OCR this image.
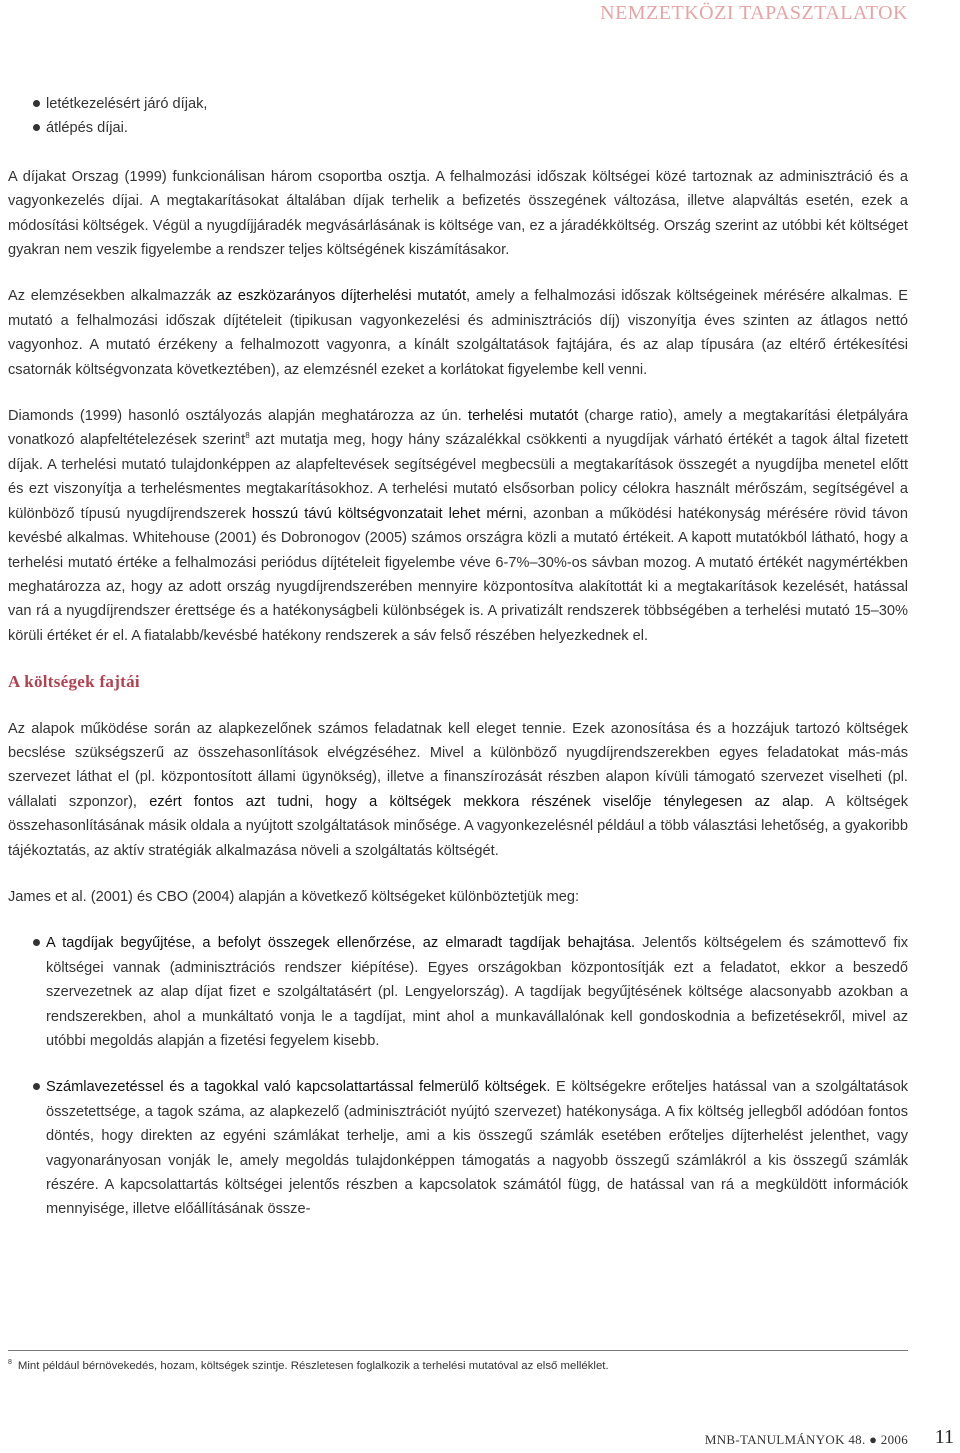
NEMZETKÖZI TAPASZTALATOK
letétkezelésért járó díjak,
átlépés díjai.

A díjakat Orszag (1999) funkcionálisan három csoportba osztja. A felhalmozási időszak költségei közé tartoznak az adminisztráció és a vagyonkezelés díjai. A megtakarításokat általában díjak terhelik a befizetés összegének változása, illetve alapváltás esetén, ezek a módosítási költségek. Végül a nyugdíjjáradék megvásárlásának is költsége van, ez a járadékköltség. Ország szerint az utóbbi két költséget gyakran nem veszik figyelembe a rendszer teljes költségének kiszámításakor.

Az elemzésekben alkalmazzák az eszközarányos díjterhelési mutatót, amely a felhalmozási időszak költségeinek mérésére alkalmas. E mutató a felhalmozási időszak díjtételeit (tipikusan vagyonkezelési és adminisztrációs díj) viszonyítja éves szinten az átlagos nettó vagyonhoz. A mutató érzékeny a felhalmozott vagyonra, a kínált szolgáltatások fajtájára, és az alap típusára (az eltérő értékesítési csatornák költségvonzata következtében), az elemzésnél ezeket a korlátokat figyelembe kell venni.

Diamonds (1999) hasonló osztályozás alapján meghatározza az ún. terhelési mutatót (charge ratio), amely a megtakarítási életpályára vonatkozó alapfeltételezések szerint$^8$ azt mutatja meg, hogy hány százalékkal csökkenti a nyugdíjak várható értékét a tagok által fizetett díjak. A terhelési mutató tulajdonképpen az alapfeltevések segítségével megbecsüli a megtakarítások összegét a nyugdíjba menetel előtt és ezt viszonyítja a terhelésmentes megtakarításokhoz. A terhelési mutató elsősorban policy célokra használt mérőszám, segítségével a különböző típusú nyugdíjrendszerek hosszú távú költségvonzatait lehet mérni, azonban a működési hatékonyság mérésére rövid távon kevésbé alkalmas. Whitehouse (2001) és Dobronogov (2005) számos országra közli a mutató értékeit. A kapott mutatókból látható, hogy a terhelési mutató értéke a felhalmozási periódus díjtételeit figyelembe véve 6-7%–30%-os sávban mozog. A mutató értékét nagymértékben meghatározza az, hogy az adott ország nyugdíjrendszerében mennyire központosítva alakítottát ki a megtakarítások kezelését, hatással van rá a nyugdíjrendszer érettsége és a hatékonyságbeli különbségek is. A privatizált rendszerek többségében a terhelési mutató 15–30% körüli értéket ér el. A fiatalabb/kevésbé hatékony rendszerek a sáv felső részében helyezkednek el.

A költségek fajtái

Az alapok működése során az alapkezelőnek számos feladatnak kell eleget tennie. Ezek azonosítása és a hozzájuk tartozó költségek becslése szükségszerű az összehasonlítások elvégzéséhez. Mivel a különböző nyugdíjrendszerekben egyes feladatokat más-más szervezet láthat el (pl. központosított állami ügynökség), illetve a finanszírozását részben alapon kívüli támogató szervezet viselheti (pl. vállalati szponzor), ezért fontos azt tudni, hogy a költségek mekkora részének viselője ténylegesen az alap. A költségek összehasonlításának másik oldala a nyújtott szolgáltatások minősége. A vagyonkezelésnél például a több választási lehetőség, a gyakoribb tájékoztatás, az aktív stratégiák alkalmazása növeli a szolgáltatás költségét.

James et al. (2001) és CBO (2004) alapján a következő költségeket különböztetjük meg:

A tagdíjak begyűjtése, a befolyt összegek ellenőrzése, az elmaradt tagdíjak behajtása. Jelentős költségelem és számottevő fix költségei vannak (adminisztrációs rendszer kiépítése). Egyes országokban központosítják ezt a feladatot, ekkor a beszedő szervezetnek az alap díjat fizet e szolgáltatásért (pl. Lengyelország). A tagdíjak begyűjtésének költsége alacsonyabb azokban a rendszerekben, ahol a munkáltató vonja le a tagdíjat, mint ahol a munkavállalónak kell gondoskodnia a befizetésekről, mivel az utóbbi megoldás alapján a fizetési fegyelem kisebb.
Számlavezetéssel és a tagokkal való kapcsolattartással felmerülő költségek. E költségekre erőteljes hatással van a szolgáltatások összetettsége, a tagok száma, az alapkezelő (adminisztrációt nyújtó szervezet) hatékonysága. A fix költség jellegből adódóan fontos döntés, hogy direkten az egyéni számlákat terhelje, ami a kis összegű számlák esetében erőteljes díjterhelést jelenthet, vagy vagyonarányosan vonják le, amely megoldás tulajdonképpen támogatás a nagyobb összegű számlákról a kis összegű számlák részére. A kapcsolattartás költségei jelentős részben a kapcsolatok számától függ, de hatással van rá a megküldött információk mennyisége, illetve előállításának össze-
$^8$ Mint például bérnövekedés, hozam, költségek szintje. Részletesen foglalkozik a terhelési mutatóval az első melléklet.
MNB-TANULMÁNYOK 48. ● 2006 11
